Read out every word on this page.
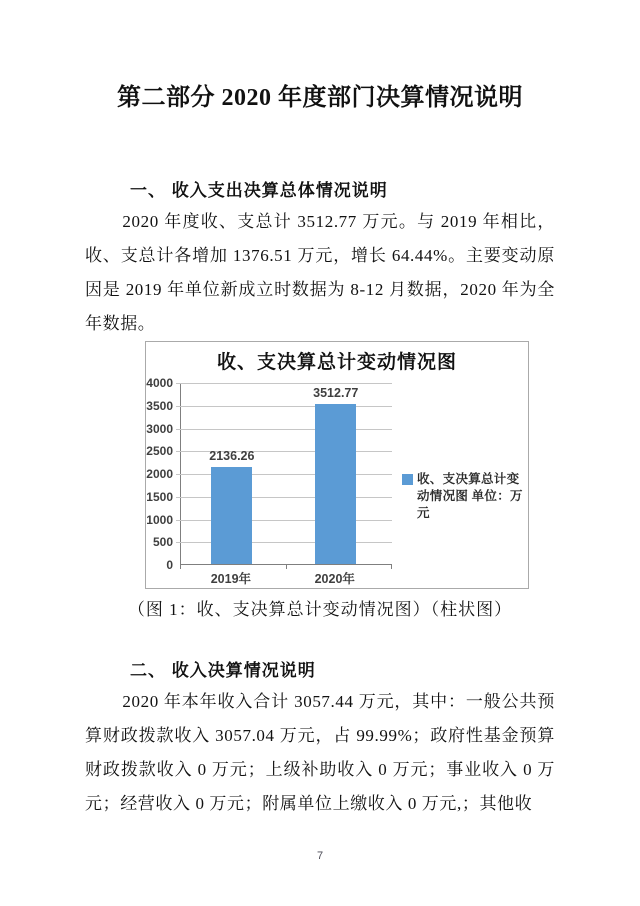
第二部分 2020 年度部门决算情况说明
一、 收入支出决算总体情况说明
2020 年度收、支总计 3512.77 万元。与 2019 年相比，收、支总计各增加 1376.51 万元，增长 64.44%。主要变动原因是 2019 年单位新成立时数据为 8-12 月数据，2020 年为全年数据。
收、支决算总计变动情况图
4000
3500
3000
2500
2000
1500
1000
500
0
2136.26
3512.77
2019年	2020年
收、支决算总计变动情况图 单位：万元
（图 1：收、支决算总计变动情况图）（柱状图）
二、 收入决算情况说明
2020 年本年收入合计 3057.44 万元，其中：一般公共预算财政拨款收入 3057.04 万元，占 99.99%；政府性基金预算财政拨款收入 0 万元；上级补助收入 0 万元；事业收入 0 万元；经营收入 0 万元；附属单位上缴收入 0 万元,；其他收
7
